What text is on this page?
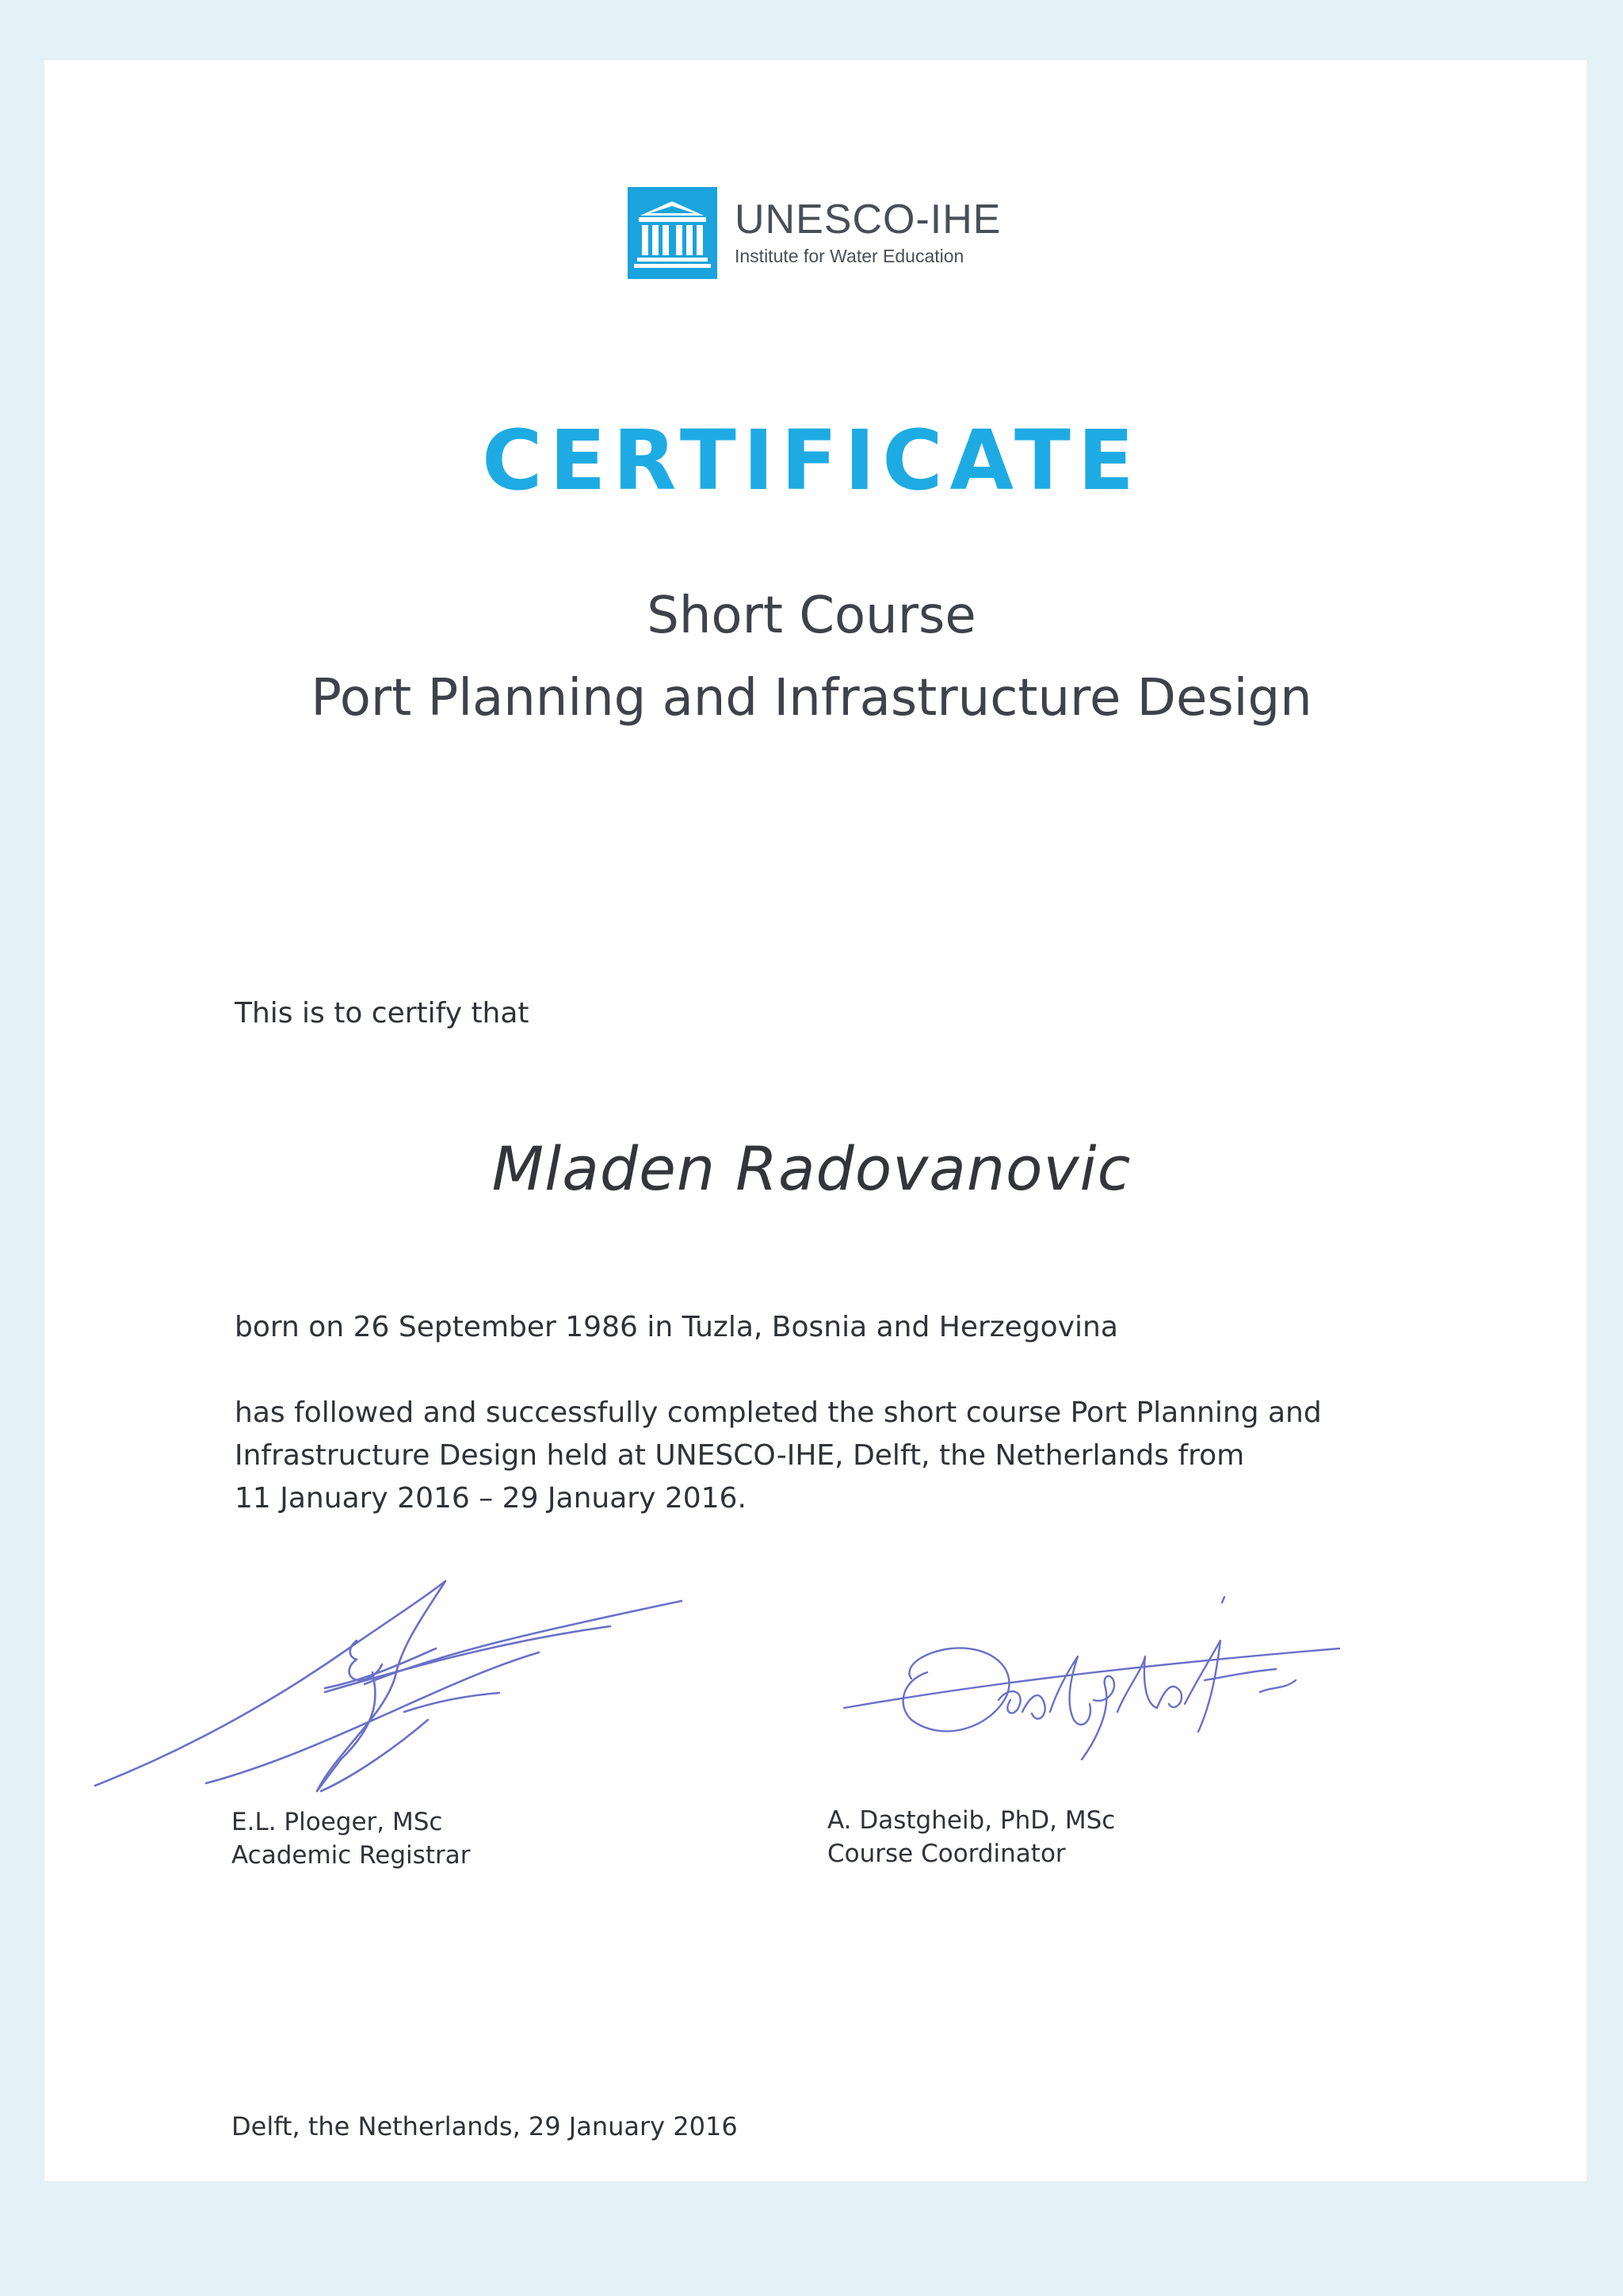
UNESCO-IHE
Institute for Water Education
CERTIFICATE
Short Course
Port Planning and Infrastructure Design
This is to certify that
Mladen Radovanovic
born on 26 September 1986 in Tuzla, Bosnia and Herzegovina
has followed and successfully completed the short course Port Planning and
Infrastructure Design held at UNESCO-IHE, Delft, the Netherlands from
11 January 2016 – 29 January 2016.
E.L. Ploeger, MSc
Academic Registrar
A. Dastgheib, PhD, MSc
Course Coordinator
Delft, the Netherlands, 29 January 2016
